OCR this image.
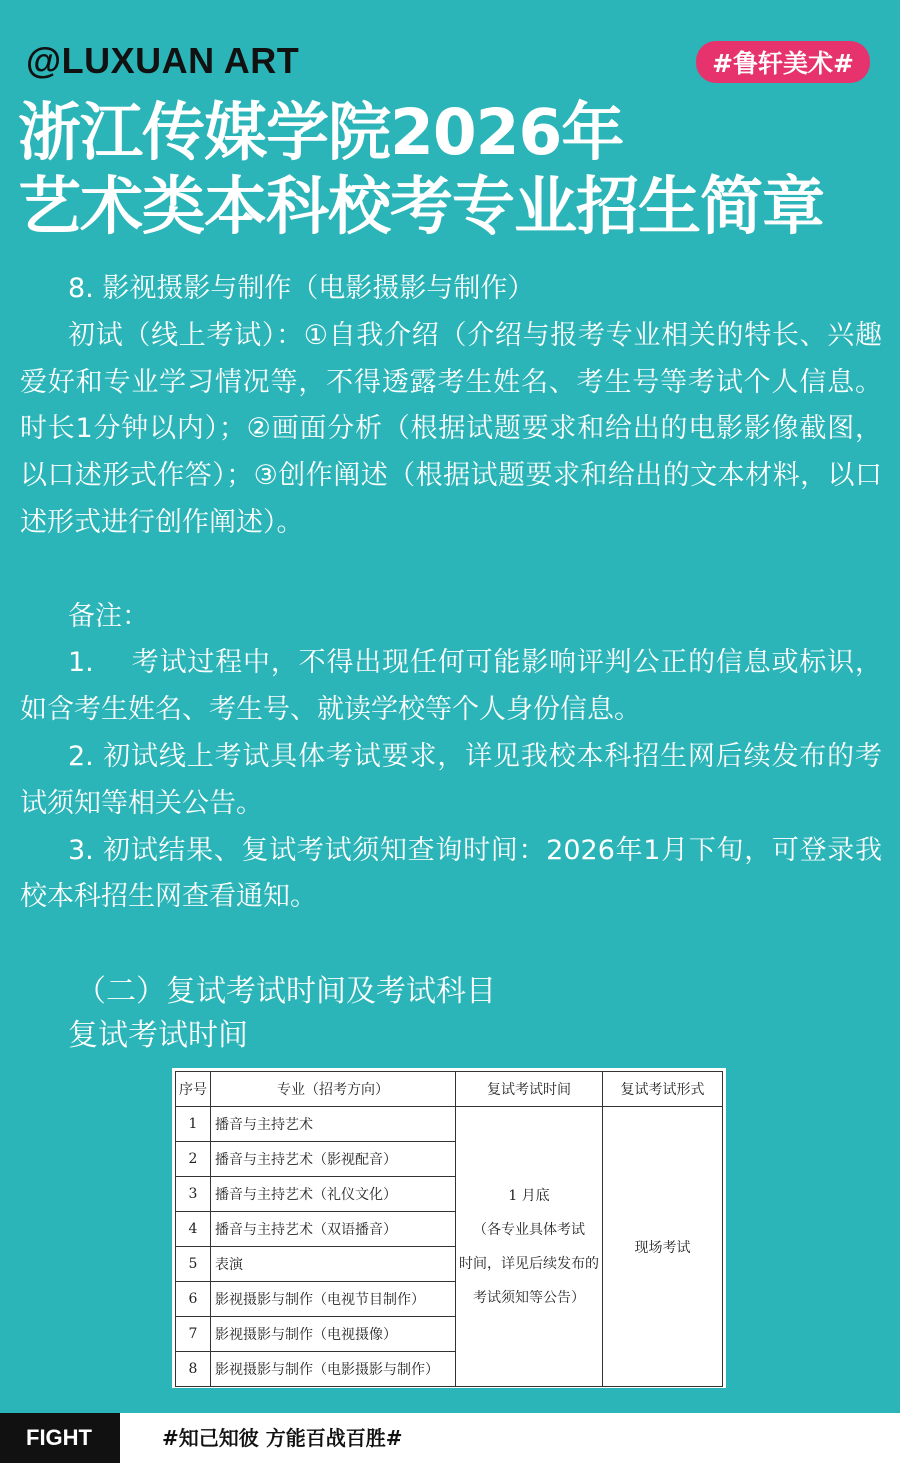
@LUXUAN ART	#鲁轩美术#
浙江传媒学院2026年
艺术类本科校考专业招生简章

8. 影视摄影与制作（电影摄影与制作）

初试（线上考试）：①自我介绍（介绍与报考专业相关的特长、兴趣爱好和专业学习情况等，不得透露考生姓名、考生号等考试个人信息。时长1分钟以内）；②画面分析（根据试题要求和给出的电影影像截图，以口述形式作答）；③创作阐述（根据试题要求和给出的文本材料，以口述形式进行创作阐述）。

备注：

1.　 考试过程中，不得出现任何可能影响评判公正的信息或标识，如含考生姓名、考生号、就读学校等个人身份信息。

2. 初试线上考试具体考试要求，详见我校本科招生网后续发布的考试须知等相关公告。

3. 初试结果、复试考试须知查询时间：2026年1月下旬，可登录我校本科招生网查看通知。

（二）复试考试时间及考试科目
复试考试时间
序号	专业（招考方向）	复试考试时间	复试考试形式
1	播音与主持艺术	1 月底
（各专业具体考试
时间，详见后续发布的
考试须知等公告）	现场考试
2	播音与主持艺术（影视配音）		
3	播音与主持艺术（礼仪文化）		
4	播音与主持艺术（双语播音）		
5	表演		
6	影视摄影与制作（电视节目制作）		
7	影视摄影与制作（电视摄像）		
8	影视摄影与制作（电影摄影与制作）		
FIGHT	#知己知彼 方能百战百胜#
